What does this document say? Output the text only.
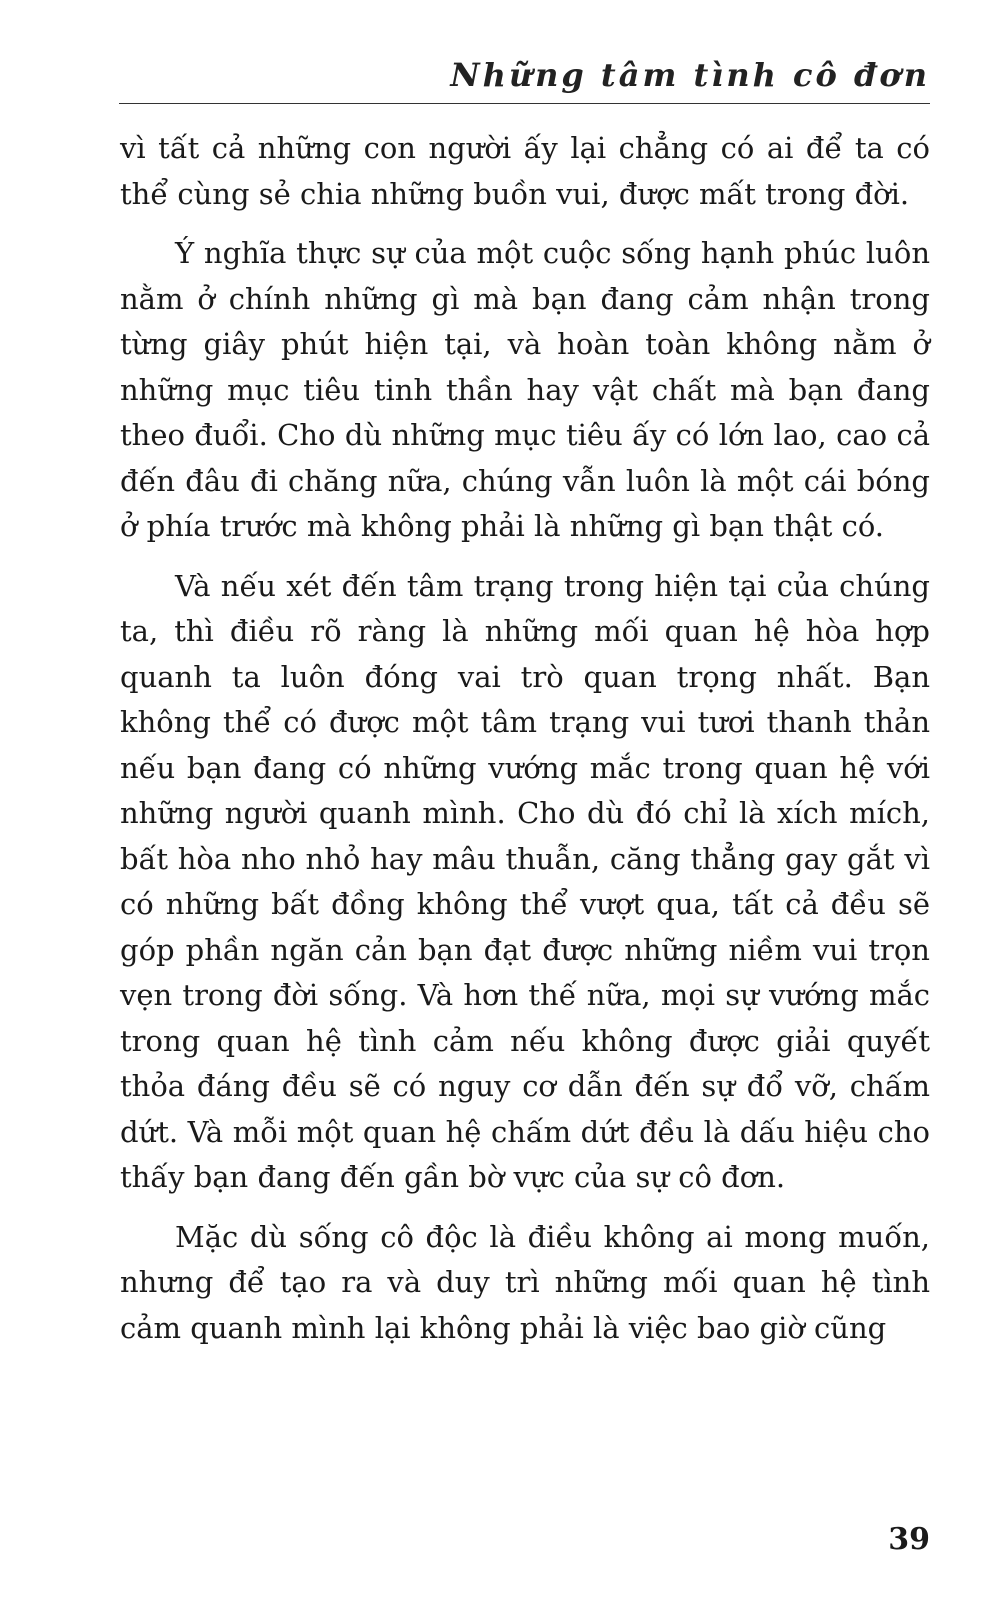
Những tâm tình cô đơn

vì tất cả những con người ấy lại chẳng có ai để ta có thể cùng sẻ chia những buồn vui, được mất trong đời.

Ý nghĩa thực sự của một cuộc sống hạnh phúc luôn nằm ở chính những gì mà bạn đang cảm nhận trong từng giây phút hiện tại, và hoàn toàn không nằm ở những mục tiêu tinh thần hay vật chất mà bạn đang theo đuổi. Cho dù những mục tiêu ấy có lớn lao, cao cả đến đâu đi chăng nữa, chúng vẫn luôn là một cái bóng ở phía trước mà không phải là những gì bạn thật có.

Và nếu xét đến tâm trạng trong hiện tại của chúng ta, thì điều rõ ràng là những mối quan hệ hòa hợp quanh ta luôn đóng vai trò quan trọng nhất. Bạn không thể có được một tâm trạng vui tươi thanh thản nếu bạn đang có những vướng mắc trong quan hệ với những người quanh mình. Cho dù đó chỉ là xích mích, bất hòa nho nhỏ hay mâu thuẫn, căng thẳng gay gắt vì có những bất đồng không thể vượt qua, tất cả đều sẽ góp phần ngăn cản bạn đạt được những niềm vui trọn vẹn trong đời sống. Và hơn thế nữa, mọi sự vướng mắc trong quan hệ tình cảm nếu không được giải quyết thỏa đáng đều sẽ có nguy cơ dẫn đến sự đổ vỡ, chấm dứt. Và mỗi một quan hệ chấm dứt đều là dấu hiệu cho thấy bạn đang đến gần bờ vực của sự cô đơn.

Mặc dù sống cô độc là điều không ai mong muốn, nhưng để tạo ra và duy trì những mối quan hệ tình cảm quanh mình lại không phải là việc bao giờ cũng

39
